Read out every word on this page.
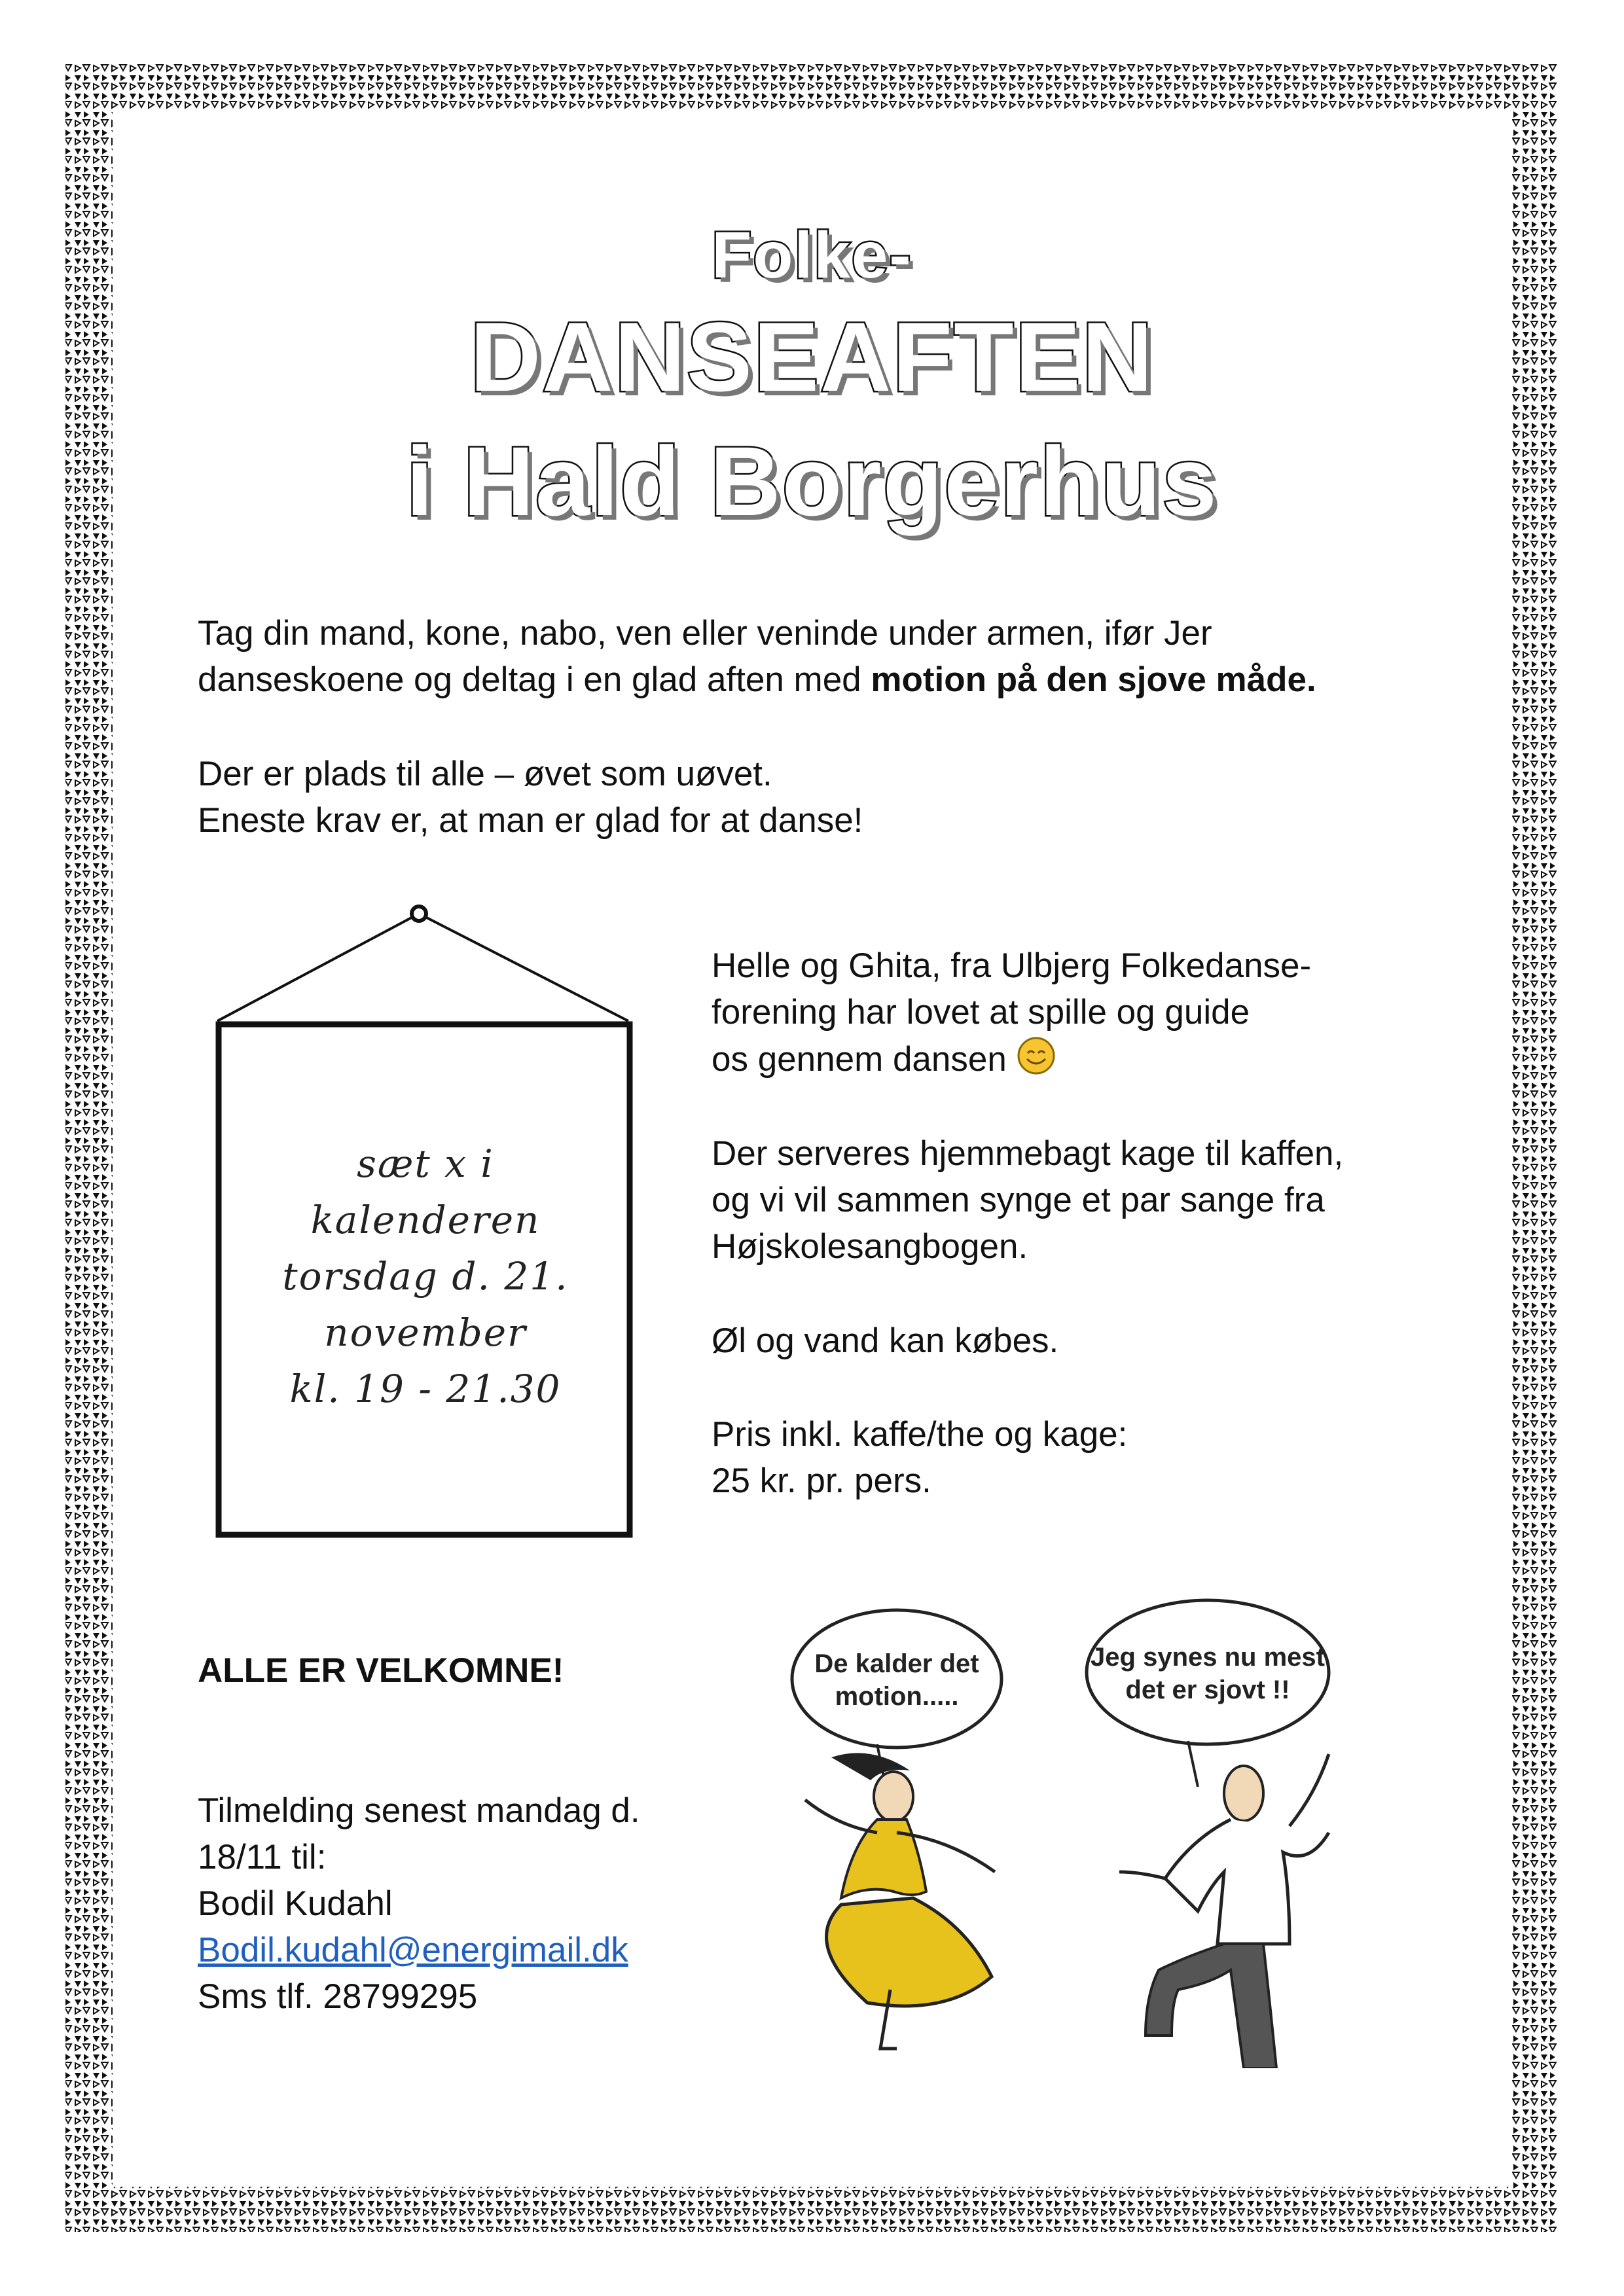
Folke-
DANSEAFTEN
i Hald Borgerhus

Tag din mand, kone, nabo, ven eller veninde under armen, ifør Jer
danseskoene og deltag i en glad aften med motion på den sjove måde.

Der er plads til alle – øvet som uøvet.
Eneste krav er, at man er glad for at danse!

sæt x i
kalenderen
torsdag d. 21.
november
kl. 19 - 21.30

Helle og Ghita, fra Ulbjerg Folkedanse-
forening har lovet at spille og guide
os gennem dansen

Der serveres hjemmebagt kage til kaffen,
og vi vil sammen synge et par sange fra
Højskolesangbogen.

Øl og vand kan købes.

Pris inkl. kaffe/the og kage:
25 kr. pr. pers.

ALLE ER VELKOMNE!

Tilmelding senest mandag d.
18/11 til:
Bodil Kudahl
Bodil.kudahl@energimail.dk
Sms tlf. 28799295

De kalder det
motion.....
Jeg synes nu mest
det er sjovt !!
